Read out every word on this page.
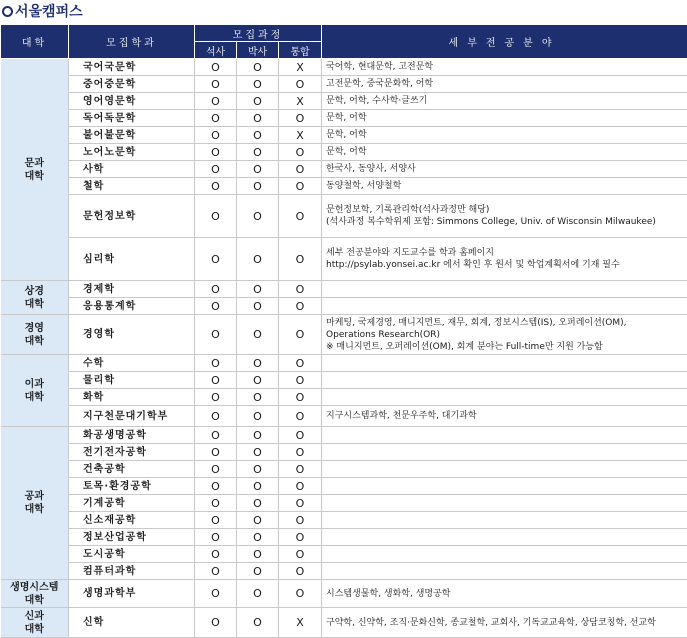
서울캠퍼스
대학	모집학과	모집과정			세부전공분야
		석사	박사	통합	
문과
대학	국어국문학	O	O	X	국어학, 현대문학, 고전문학
	중어중문학	O	O	O	고전문학, 중국문화학, 어학
	영어영문학	O	O	X	문학, 어학, 수사학·글쓰기
	독어독문학	O	O	O	문학, 어학
	불어불문학	O	O	X	문학, 어학
	노어노문학	O	O	O	문학, 어학
	사학	O	O	O	한국사, 동양사, 서양사
	철학	O	O	O	동양철학, 서양철학
	문헌정보학	O	O	O	문헌정보학, 기록관리학(석사과정만 해당)
(석사과정 복수학위제 포함: Simmons College, Univ. of Wisconsin Milwaukee)
	심리학	O	O	O	세부 전공분야와 지도교수를 학과 홈페이지
http://psylab.yonsei.ac.kr 에서 확인 후 원서 및 학업계획서에 기재 필수
상경
대학	경제학	O	O	O	
	응용통계학	O	O	O	
경영
대학	경영학	O	O	O	마케팅, 국제경영, 매니지먼트, 재무, 회계, 정보시스템(IS), 오퍼레이션(OM),
Operations Research(OR)
※ 매니지먼트, 오퍼레이션(OM), 회계 분야는 Full-time만 지원 가능함
이과
대학	수학	O	O	O	
	물리학	O	O	O	
	화학	O	O	O	
	지구천문대기학부	O	O	O	지구시스템과학, 천문우주학, 대기과학
공과
대학	화공생명공학	O	O	O	
	전기전자공학	O	O	O	
	건축공학	O	O	O	
	토목·환경공학	O	O	O	
	기계공학	O	O	O	
	신소재공학	O	O	O	
	정보산업공학	O	O	O	
	도시공학	O	O	O	
	컴퓨터과학	O	O	O	
생명시스템
대학	생명과학부	O	O	O	시스템생물학, 생화학, 생명공학
신과
대학	신학	O	O	X	구약학, 신약학, 조직·문화신학, 종교철학, 교회사, 기독교교육학, 상담코칭학, 선교학
